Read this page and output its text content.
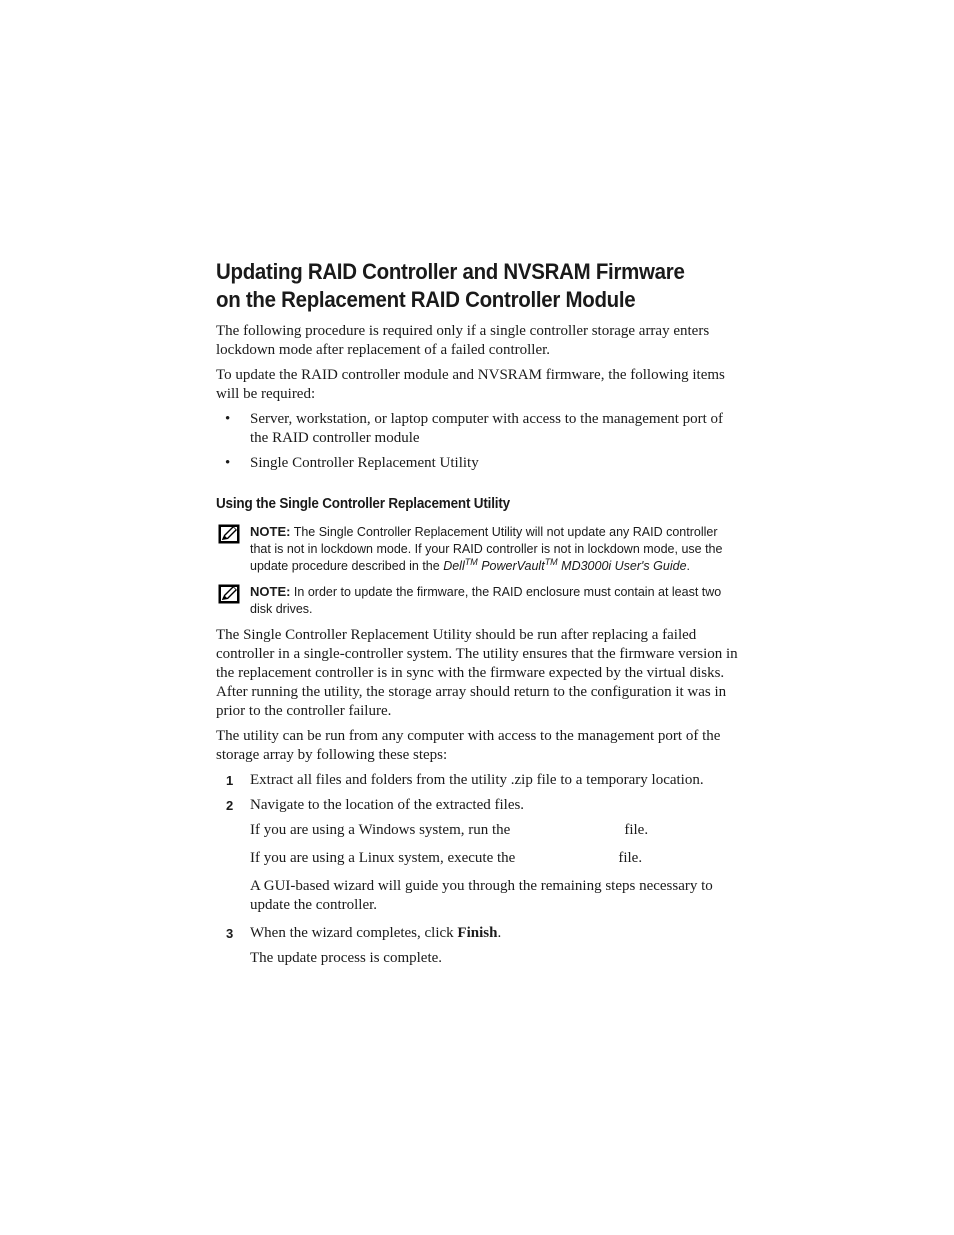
Updating RAID Controller and NVSRAM Firmware
on the Replacement RAID Controller Module

The following procedure is required only if a single controller storage array enters lockdown mode after replacement of a failed controller.

To update the RAID controller module and NVSRAM firmware, the following items will be required:

• Server, workstation, or laptop computer with access to the management port of the RAID controller module
• Single Controller Replacement Utility
Using the Single Controller Replacement Utility
NOTE: The Single Controller Replacement Utility will not update any RAID controller that is not in lockdown mode. If your RAID controller is not in lockdown mode, use the update procedure described in the Dell™ PowerVault™ MD3000i User's Guide.
NOTE: In order to update the firmware, the RAID enclosure must contain at least two disk drives.

The Single Controller Replacement Utility should be run after replacing a failed controller in a single-controller system. The utility ensures that the firmware version in the replacement controller is in sync with the firmware expected by the virtual disks. After running the utility, the storage array should return to the configuration it was in prior to the controller failure.

The utility can be run from any computer with access to the management port of the storage array by following these steps:

1 Extract all files and folders from the utility .zip file to a temporary location.
2 Navigate to the location of the extracted files.

If you are using a Windows system, run the	file.

If you are using a Linux system, execute the	file.

A GUI-based wizard will guide you through the remaining steps necessary to update the controller.

3 When the wizard completes, click Finish.

The update process is complete.
